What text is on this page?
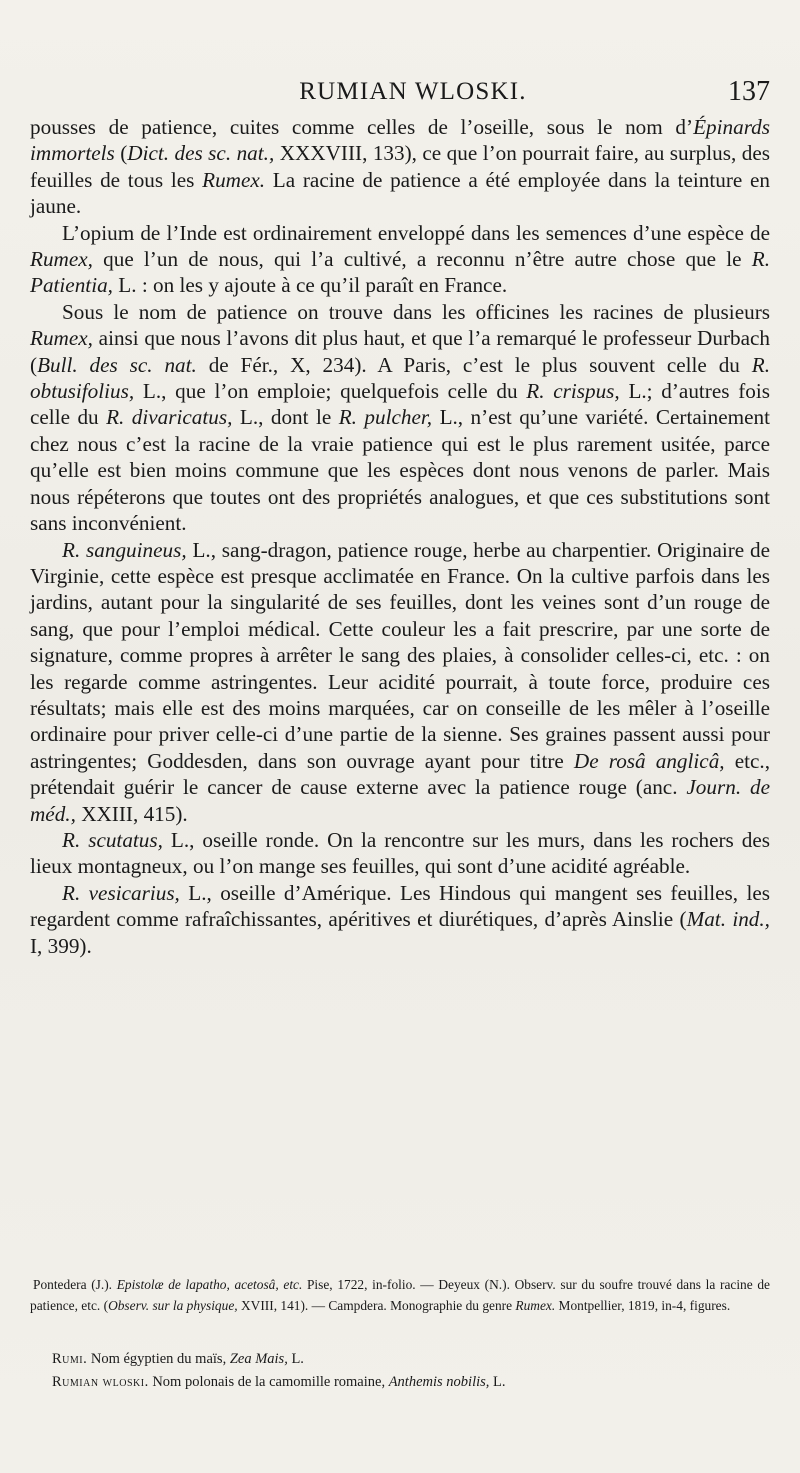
RUMIAN WLOSKI.	137

pousses de patience, cuites comme celles de l’oseille, sous le nom d’Épinards immortels (Dict. des sc. nat., XXXVIII, 133), ce que l’on pourrait faire, au surplus, des feuilles de tous les Rumex. La racine de patience a été employée dans la teinture en jaune.

L’opium de l’Inde est ordinairement enveloppé dans les semences d’une espèce de Rumex, que l’un de nous, qui l’a cultivé, a reconnu n’être autre chose que le R. Patientia, L. : on les y ajoute à ce qu’il paraît en France.

Sous le nom de patience on trouve dans les officines les racines de plusieurs Rumex, ainsi que nous l’avons dit plus haut, et que l’a remarqué le professeur Durbach (Bull. des sc. nat. de Fér., X, 234). A Paris, c’est le plus souvent celle du R. obtusifolius, L., que l’on emploie; quelquefois celle du R. crispus, L.; d’autres fois celle du R. divaricatus, L., dont le R. pulcher, L., n’est qu’une variété. Certainement chez nous c’est la racine de la vraie patience qui est le plus rarement usitée, parce qu’elle est bien moins commune que les espèces dont nous venons de parler. Mais nous répéterons que toutes ont des propriétés analogues, et que ces substitutions sont sans inconvénient.

R. sanguineus, L., sang-dragon, patience rouge, herbe au charpentier. Originaire de Virginie, cette espèce est presque acclimatée en France. On la cultive parfois dans les jardins, autant pour la singularité de ses feuilles, dont les veines sont d’un rouge de sang, que pour l’emploi médical. Cette couleur les a fait prescrire, par une sorte de signature, comme propres à arrêter le sang des plaies, à consolider celles-ci, etc. : on les regarde comme astringentes. Leur acidité pourrait, à toute force, produire ces résultats; mais elle est des moins marquées, car on conseille de les mêler à l’oseille ordinaire pour priver celle-ci d’une partie de la sienne. Ses graines passent aussi pour astringentes; Goddesden, dans son ouvrage ayant pour titre De rosâ anglicâ, etc., prétendait guérir le cancer de cause externe avec la patience rouge (anc. Journ. de méd., XXIII, 415).

R. scutatus, L., oseille ronde. On la rencontre sur les murs, dans les rochers des lieux montagneux, ou l’on mange ses feuilles, qui sont d’une acidité agréable.

R. vesicarius, L., oseille d’Amérique. Les Hindous qui mangent ses feuilles, les regardent comme rafraîchissantes, apéritives et diurétiques, d’après Ainslie (Mat. ind., I, 399).

Pontedera (J.). Epistolæ de lapatho, acetosâ, etc. Pise, 1722, in-folio. — Deyeux (N.). Observ. sur du soufre trouvé dans la racine de patience, etc. (Observ. sur la physique, XVIII, 141). — Campdera. Monographie du genre Rumex. Montpellier, 1819, in-4, figures.

Rumi. Nom égyptien du maïs, Zea Mais, L.

Rumian wloski. Nom polonais de la camomille romaine, Anthemis nobilis, L.
